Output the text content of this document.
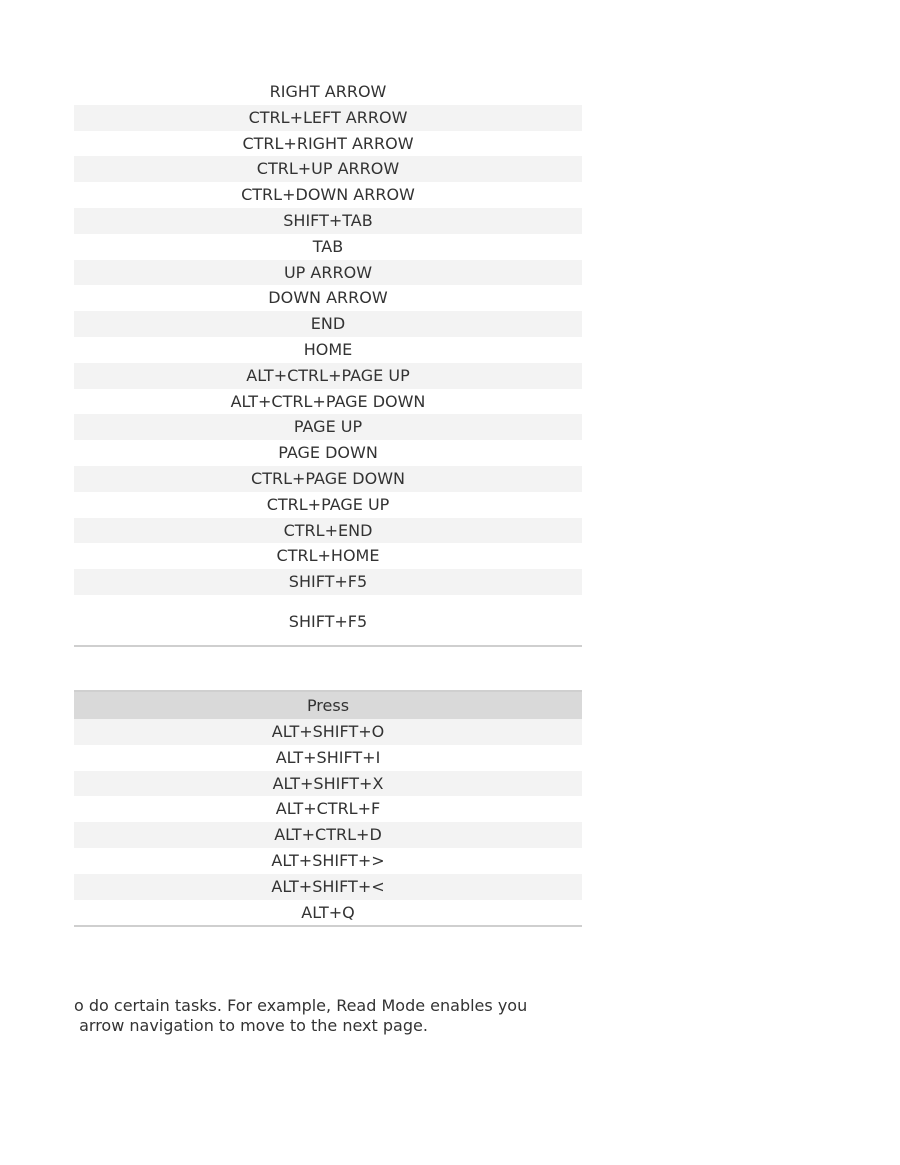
RIGHT ARROW
CTRL+LEFT ARROW
CTRL+RIGHT ARROW
CTRL+UP ARROW
CTRL+DOWN ARROW
SHIFT+TAB
TAB
UP ARROW
DOWN ARROW
END
HOME
ALT+CTRL+PAGE UP
ALT+CTRL+PAGE DOWN
PAGE UP
PAGE DOWN
CTRL+PAGE DOWN
CTRL+PAGE UP
CTRL+END
CTRL+HOME
SHIFT+F5
SHIFT+F5
Press
ALT+SHIFT+O
ALT+SHIFT+I
ALT+SHIFT+X
ALT+CTRL+F
ALT+CTRL+D
ALT+SHIFT+>
ALT+SHIFT+<
ALT+Q

o do certain tasks. For example, Read Mode enables you

arrow navigation to move to the next page.
